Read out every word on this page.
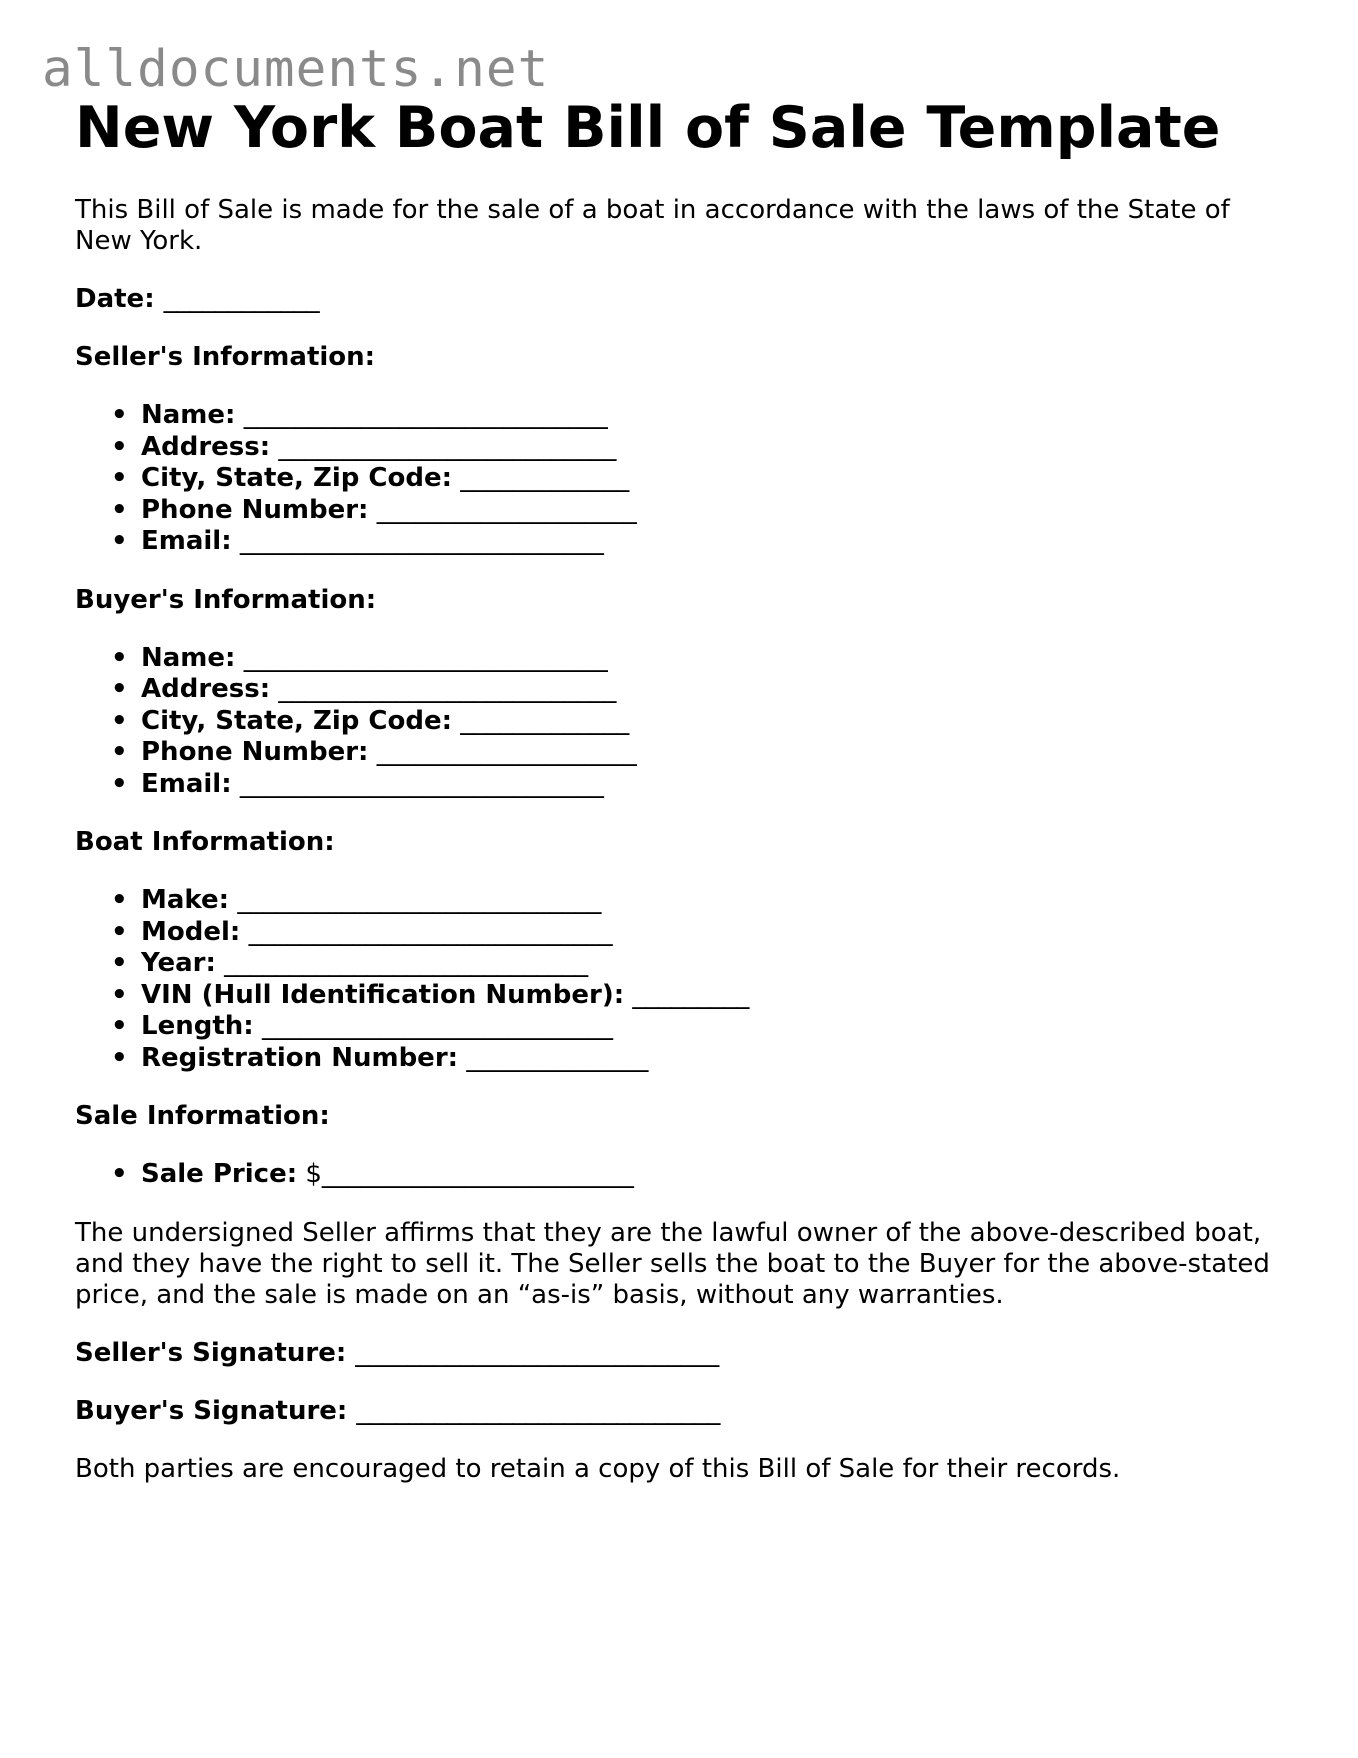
alldocuments.net
New York Boat Bill of Sale Template

This Bill of Sale is made for the sale of a boat in accordance with the laws of the State of New York.

Date: ____________
Seller's Information:
• Name: ____________________________
• Address: __________________________
• City, State, Zip Code: _____________
• Phone Number: ____________________
• Email: ____________________________
Buyer's Information:
• Name: ____________________________
• Address: __________________________
• City, State, Zip Code: _____________
• Phone Number: ____________________
• Email: ____________________________
Boat Information:
• Make: ____________________________
• Model: ____________________________
• Year: ____________________________
• VIN (Hull Identification Number): _________
• Length: ___________________________
• Registration Number: ______________
Sale Information:
• Sale Price: $________________________

The undersigned Seller affirms that they are the lawful owner of the above-described boat, and they have the right to sell it. The Seller sells the boat to the Buyer for the above-stated price, and the sale is made on an “as-is” basis, without any warranties.

Seller's Signature: ____________________________
Buyer's Signature: ____________________________

Both parties are encouraged to retain a copy of this Bill of Sale for their records.
